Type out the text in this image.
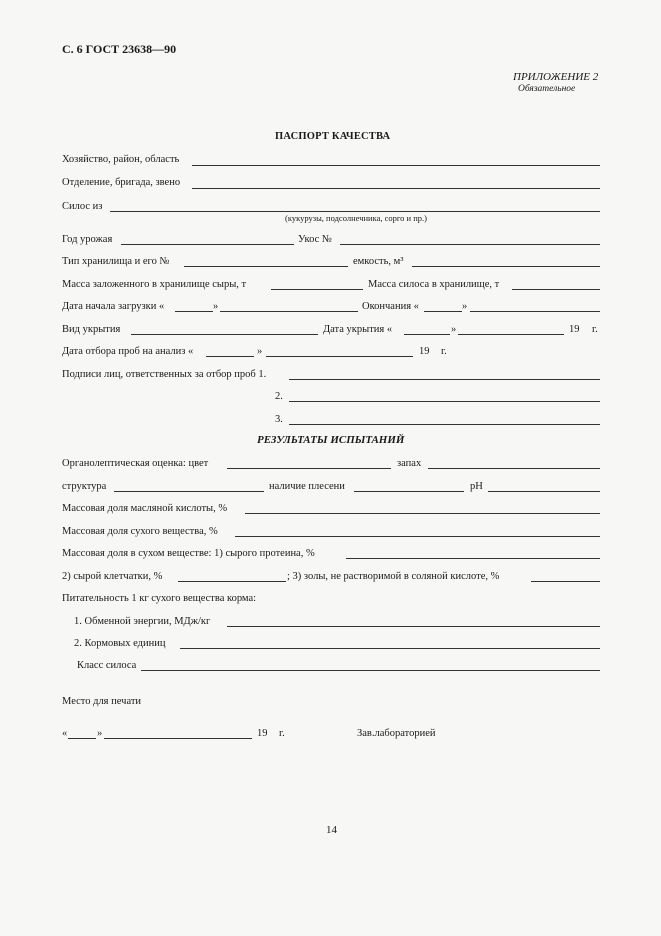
С. 6 ГОСТ 23638—90
ПРИЛОЖЕНИЕ 2
Обязательное
ПАСПОРТ КАЧЕСТВА
Хозяйство, район, область
Отделение, бригада, звено
Силос из
(кукурузы, подсолнечника, сорго и пр.)
Год урожая	Укос №
Тип хранилища и его №	емкость, м³
Масса заложенного в хранилище сыры, т	Масса силоса в хранилище, т
Дата начала загрузки «	»	Окончания «	»
Вид укрытия	Дата укрытия «	»	19 г.
Дата отбора проб на анализ «	»	19 г.
Подписи лиц, ответственных за отбор проб 1.
2.
3.
РЕЗУЛЬТАТЫ ИСПЫТАНИЙ
Органолептическая оценка: цвет	запах
структура	наличие плесени	pH
Массовая доля масляной кислоты, %
Массовая доля сухого вещества, %
Массовая доля в сухом веществе: 1) сырого протеина, %
2) сырой клетчатки, %	; 3) золы, не растворимой в соляной кислоте, %
Питательность 1 кг сухого вещества корма:
1. Обменной энергии, МДж/кг
2. Кормовых единиц
Класс силоса
Место для печати
«	»	19 г.	Зав.лабораторией
14
